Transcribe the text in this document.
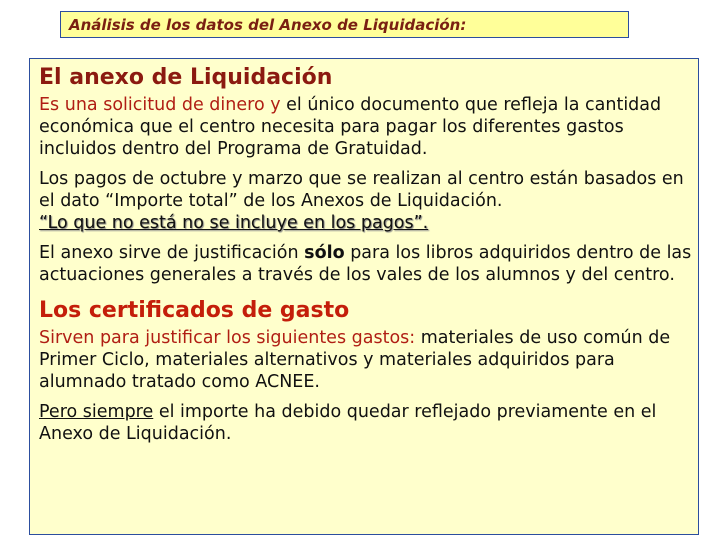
Análisis de los datos del Anexo de Liquidación:
El anexo de Liquidación

Es una solicitud de dinero y el único documento que refleja la cantidad económica que el centro necesita para pagar los diferentes gastos incluidos dentro del Programa de Gratuidad.

Los pagos de octubre y marzo que se realizan al centro están basados en el dato “Importe total” de los Anexos de Liquidación.
“Lo que no está no se incluye en los pagos”.

El anexo sirve de justificación sólo para los libros adquiridos dentro de las actuaciones generales a través de los vales de los alumnos y del centro.

Los certificados de gasto

Sirven para justificar los siguientes gastos: materiales de uso común de Primer Ciclo, materiales alternativos y materiales adquiridos para alumnado tratado como ACNEE.

Pero siempre el importe ha debido quedar reflejado previamente en el Anexo de Liquidación.
